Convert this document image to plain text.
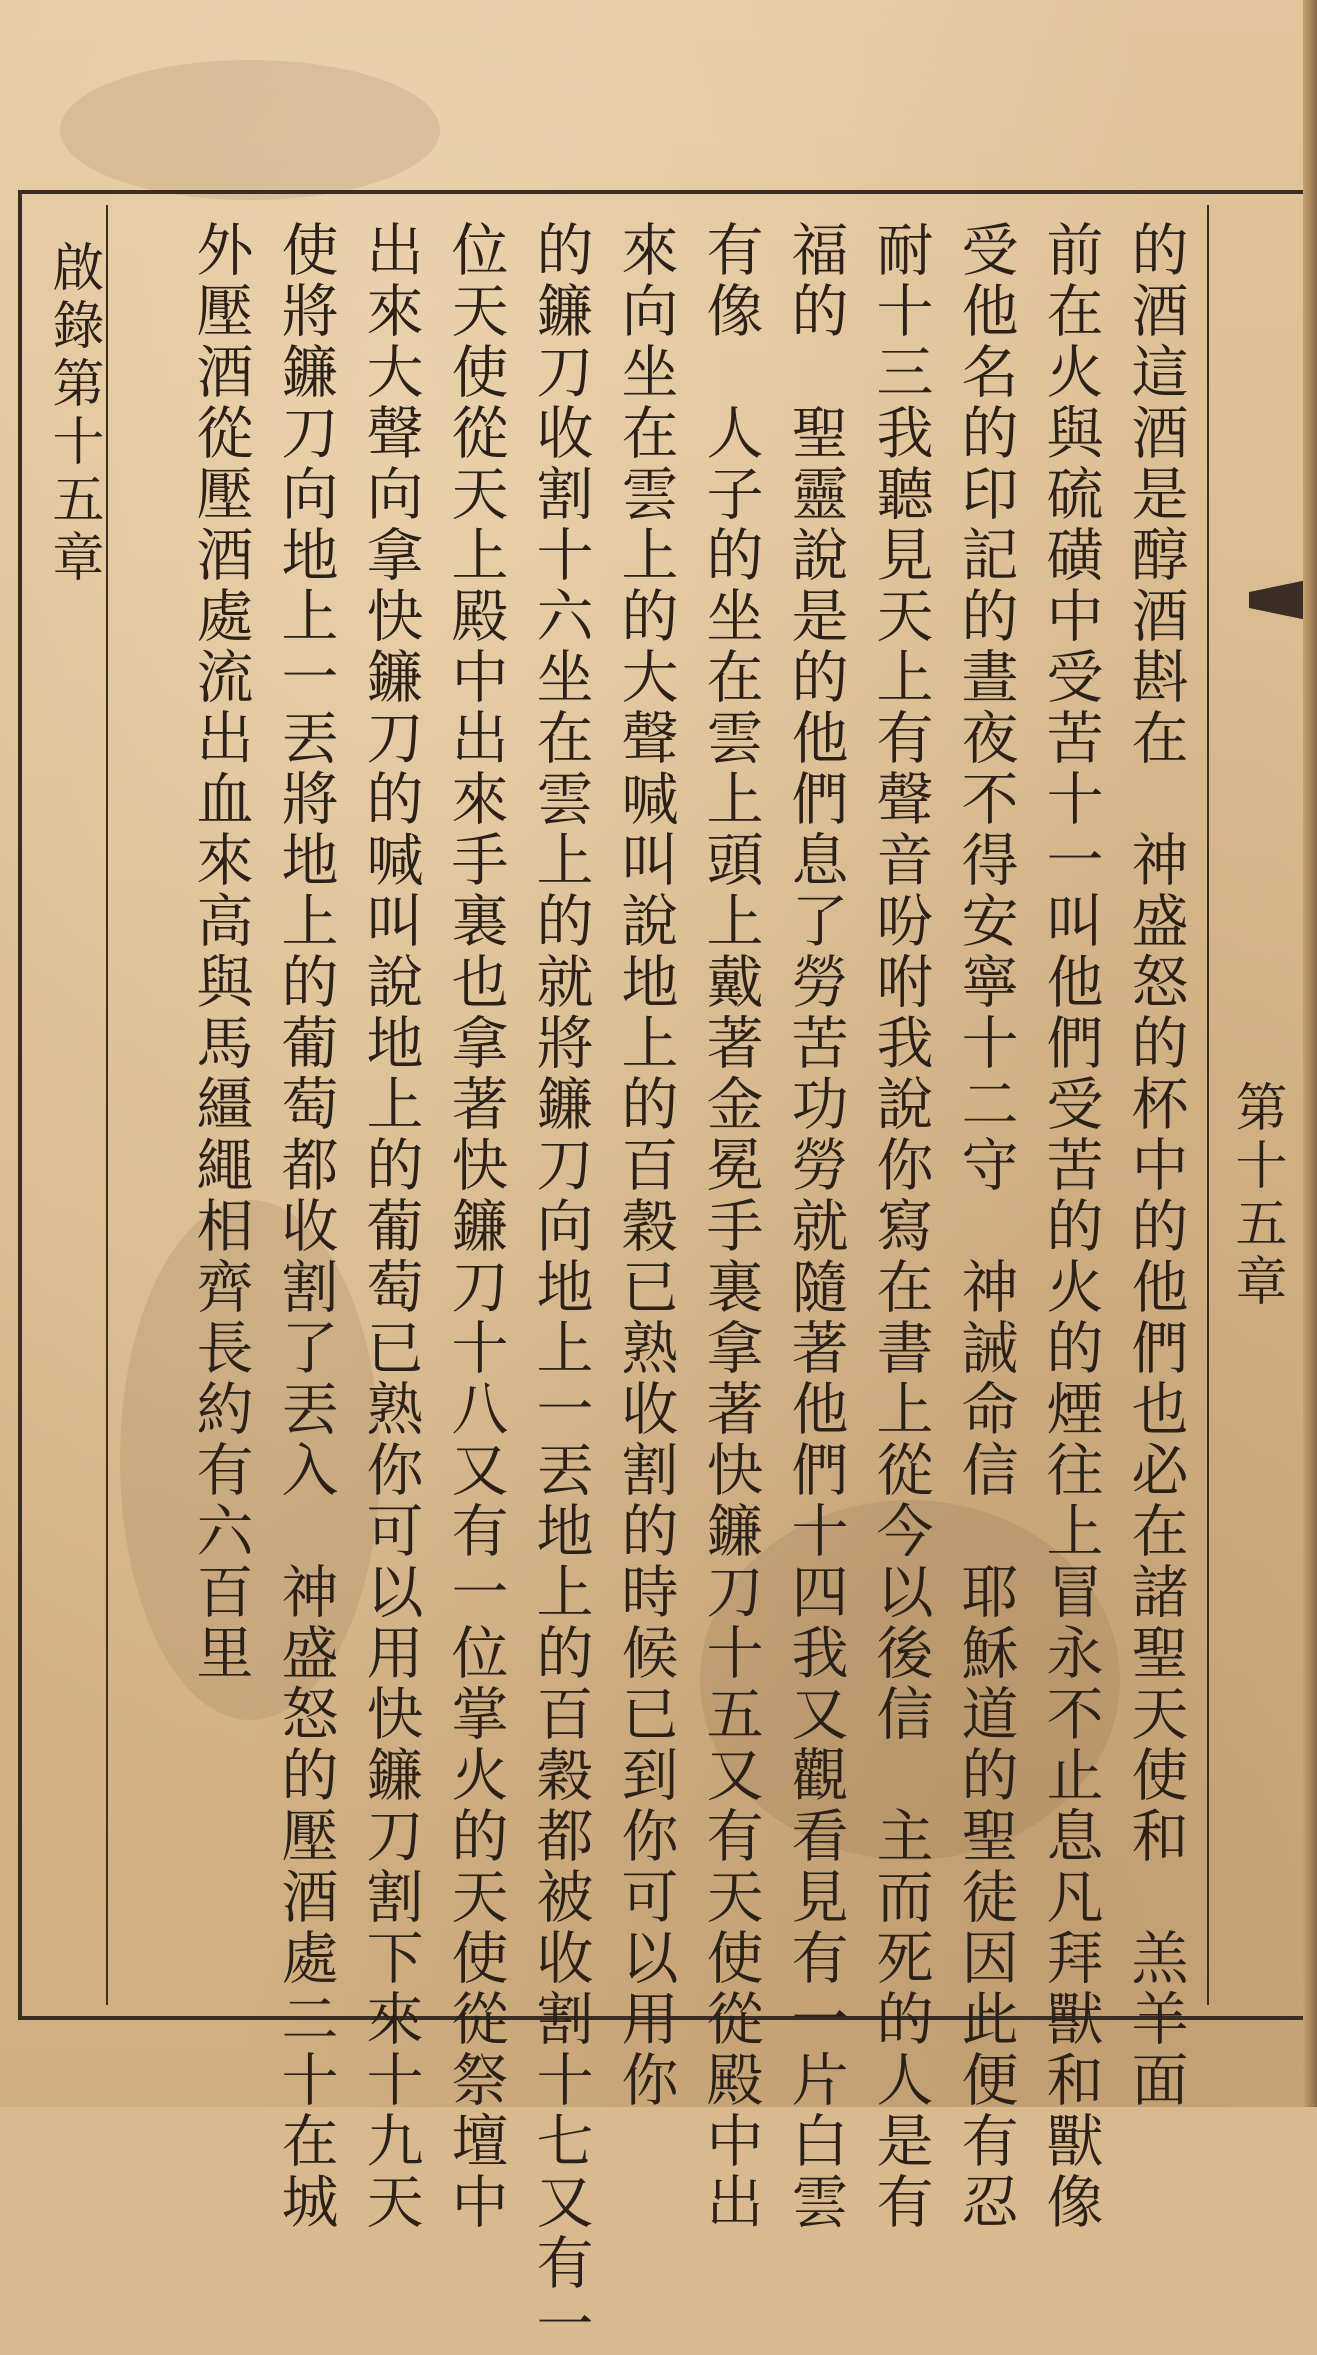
第十五章
啟錄第十五章	的酒這酒是醇酒斟在　神盛怒的杯中的他們也必在諸聖天使和　羔羊面
前在火與硫磺中受苦十一叫他們受苦的火的煙往上冒永不止息凡拜獸和獸像
受他名的印記的晝夜不得安寧十二守　神誡命信　耶穌道的聖徒因此便有忍
耐十三我聽見天上有聲音吩咐我說你寫在書上從今以後信　主而死的人是有
福的　聖靈說是的他們息了勞苦功勞就隨著他們十四我又觀看見有一片白雲
有像　人子的坐在雲上頭上戴著金冕手裏拿著快鐮刀十五又有天使從殿中出
來向坐在雲上的大聲喊叫說地上的百穀已熟收割的時候已到你可以用你
的鐮刀收割十六坐在雲上的就將鐮刀向地上一丟地上的百穀都被收割十七又有一
位天使從天上殿中出來手裏也拿著快鐮刀十八又有一位掌火的天使從祭壇中
出來大聲向拿快鐮刀的喊叫說地上的葡萄已熟你可以用快鐮刀割下來十九天
使將鐮刀向地上一丟將地上的葡萄都收割了丟入　神盛怒的壓酒處二十在城
外壓酒從壓酒處流出血來高與馬繮繩相齊長約有六百里
